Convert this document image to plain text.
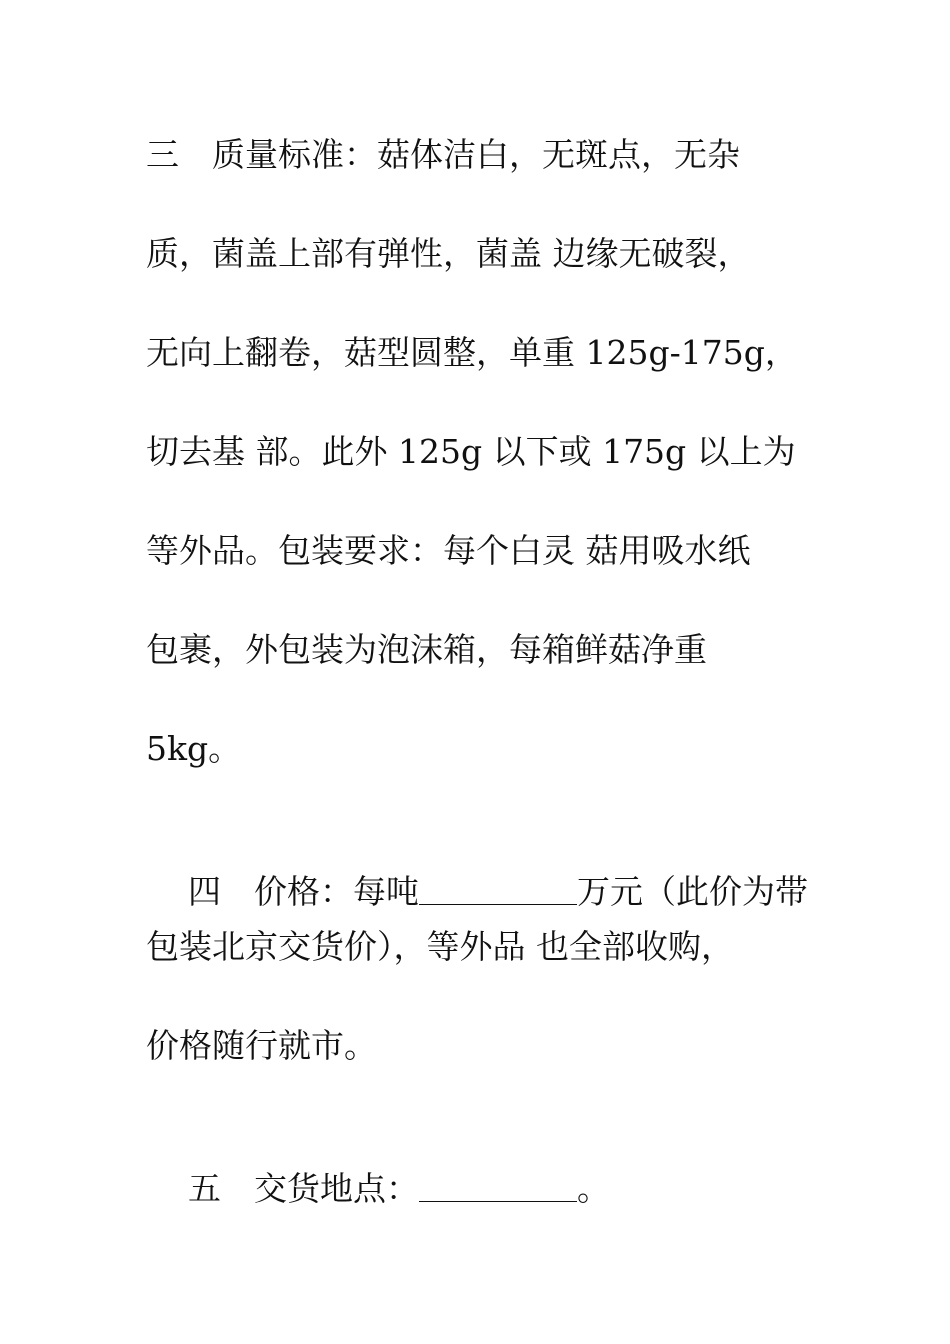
三　质量标准：菇体洁白，无斑点，无杂
质，菌盖上部有弹性，菌盖 边缘无破裂，
无向上翻卷，菇型圆整，单重 125g-175g，
切去基 部。此外 125g 以下或 175g 以上为
等外品。包装要求：每个白灵 菇用吸水纸
包裹，外包装为泡沫箱，每箱鲜菇净重
5kg。

四　价格：每吨	万元（此价为带

包装北京交货价），等外品 也全部收购，
价格随行就市。

五　交货地点：	。
